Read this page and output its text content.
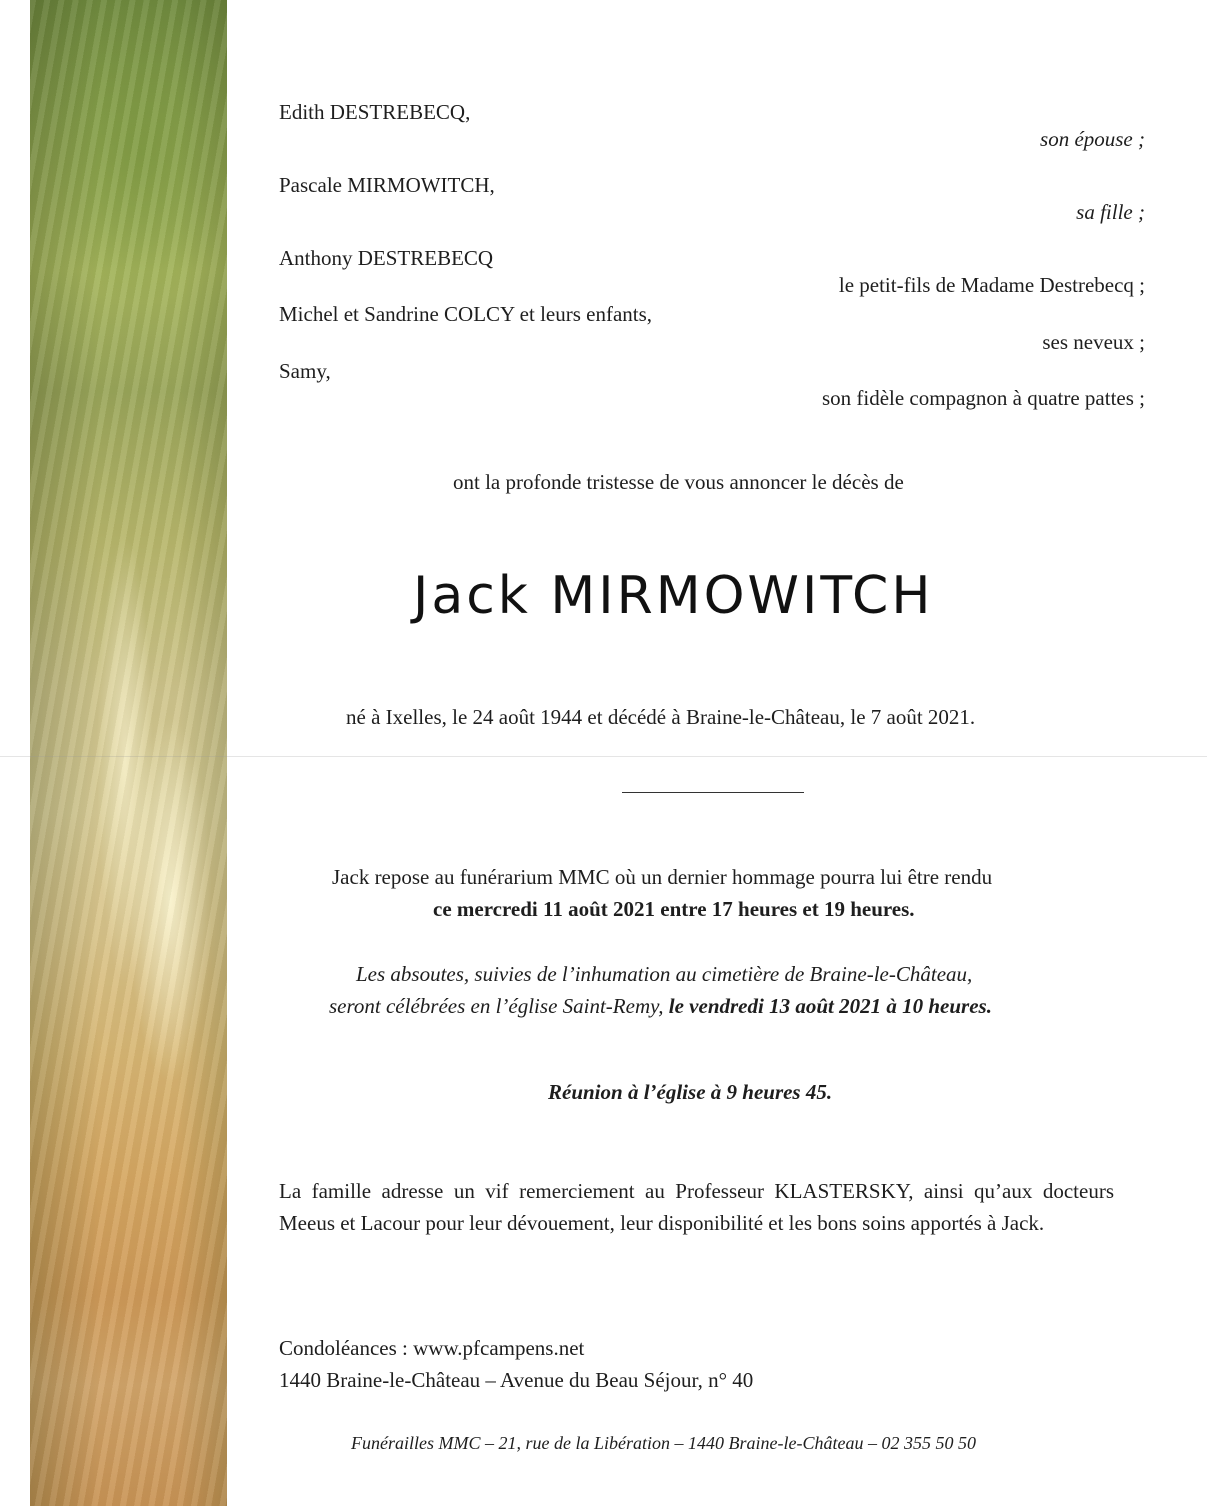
Edith DESTREBECQ,
son épouse ;
Pascale MIRMOWITCH,
sa fille ;
Anthony DESTREBECQ
le petit-fils de Madame Destrebecq ;
Michel et Sandrine COLCY et leurs enfants,
ses neveux ;
Samy,
son fidèle compagnon à quatre pattes ;
ont la profonde tristesse de vous annoncer le décès de
Jack MIRMOWITCH
né à Ixelles, le 24 août 1944 et décédé à Braine-le-Château, le 7 août 2021.
Jack repose au funérarium MMC où un dernier hommage pourra lui être rendu
ce mercredi 11 août 2021 entre 17 heures et 19 heures.
Les absoutes, suivies de l’inhumation au cimetière de Braine-le-Château,
seront célébrées en l’église Saint-Remy, le vendredi 13 août 2021 à 10 heures.
Réunion à l’église à 9 heures 45.
La famille adresse un vif remerciement au Professeur KLASTERSKY, ainsi qu’aux docteurs Meeus et Lacour pour leur dévouement, leur disponibilité et les bons soins apportés à Jack.
Condoléances : www.pfcampens.net
1440 Braine-le-Château – Avenue du Beau Séjour, n° 40
Funérailles MMC – 21, rue de la Libération – 1440 Braine-le-Château – 02 355 50 50
